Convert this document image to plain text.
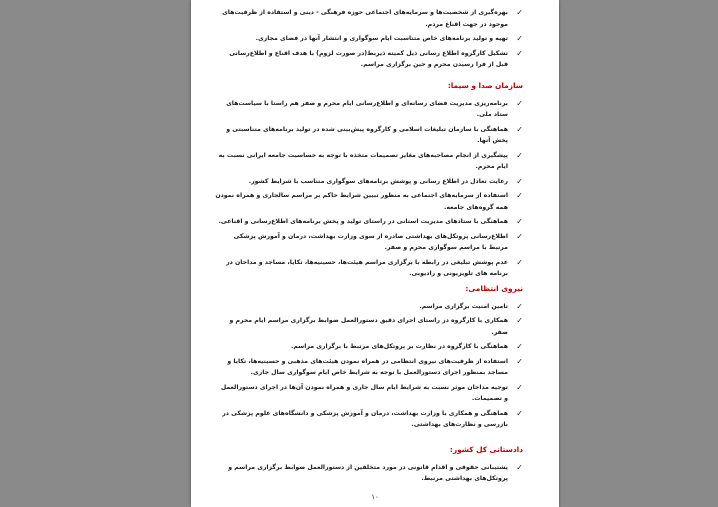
✓
بهره‌گیری از شخصیت‌ها و سرمایه‌های اجتماعی حوزه فرهنگی - دینی و استفاده از ظرفیت‌های موجود در جهت اقناع مردم.
✓
تهیه و تولید برنامه‌های خاص متناسبت ایام سوگواری و انتشار آنها در فضای مجازی.
✓
تشکیل کارگروه اطلاع رسانی ذیل کمیته ذیربط(در صورت لزوم) با هدف اقناع و اطلاع‌رسانی قبل از فرا رسیدن محرم و حین برگزاری مراسم.
سازمان صدا و سیما:
✓
برنامه‌ریزی مدیریت فضای رسانه‌ای و اطلاع‌رسانی ایام محرم و صفر هم راستا با سیاست‌های ستاد ملی.
✓
هماهنگی با سازمان تبلیغات اسلامی و کارگروه پیش‌بینی شده در تولید برنامه‌های متناسبتی و پخش آنها.
✓
پیشگیری از انجام مصاحبه‌های مغایر تصمیمات متخذه با توجه به حساسیت جامعه ایرانی نسبت به ایام محرم.
✓
رعایت تعادل در اطلاع رسانی و پوشش برنامه‌های سوگواری متناسب با شرایط کشور.
✓
استفاده از سرمایه‌های اجتماعی به منظور تبیین شرایط حاکم بر مراسم سالجاری و همراه نمودن همه گروه‌های جامعه.
✓
هماهنگی با ستادهای مدیریت استانی در راستای تولید و پخش برنامه‌های اطلاع‌رسانی و اقناعی.
✓
اطلاع‌رسانی پروتکل‌های بهداشتی صادره از سوی وزارت بهداشت، درمان و آموزش پزشکی مرتبط با مراسم سوگواری محرم و صفر.
✓
عدم پوشش تبلیغی در رابطه با برگزاری مراسم هیئت‌ها، حسینیه‌ها، تکایا، مساجد و مداحان در برنامه های تلویزیونی و رادیویی.
نیروی انتظامی:
✓
تامین امنیت برگزاری مراسم.
✓
همکاری با کارگروه در راستای اجرای دقیق دستورالعمل ضوابط برگزاری مراسم ایام محرم و صفر.
✓
هماهنگی با کارگروه در نظارت بر پروتکل‌های مرتبط با برگزاری مراسم.
✓
استفاده از ظرفیت‌های نیروی انتظامی در همراه نمودن هیئت‌های مذهبی و حسینیه‌ها، تکایا و مساجد بمنظور اجرای دستورالعمل با توجه به شرایط خاص ایام سوگواری سال جاری.
✓
توجیه مداحان موثر نسبت به شرایط ایام سال جاری و همراه نمودن آن‌ها در اجرای دستورالعمل و تصمیمات.
✓
هماهنگی و همکاری با وزارت بهداشت، درمان و آموزش پزشکی و دانشگاه‌های علوم پزشکی در بازرسی و نظارت‌های بهداشتی.
دادستانی کل کشور:
✓
پشتیبانی حقوقی و اقدام قانونی در مورد متخلفین از دستورالعمل ضوابط برگزاری مراسم و پروتکل‌های بهداشتی مرتبط.
۱۰
